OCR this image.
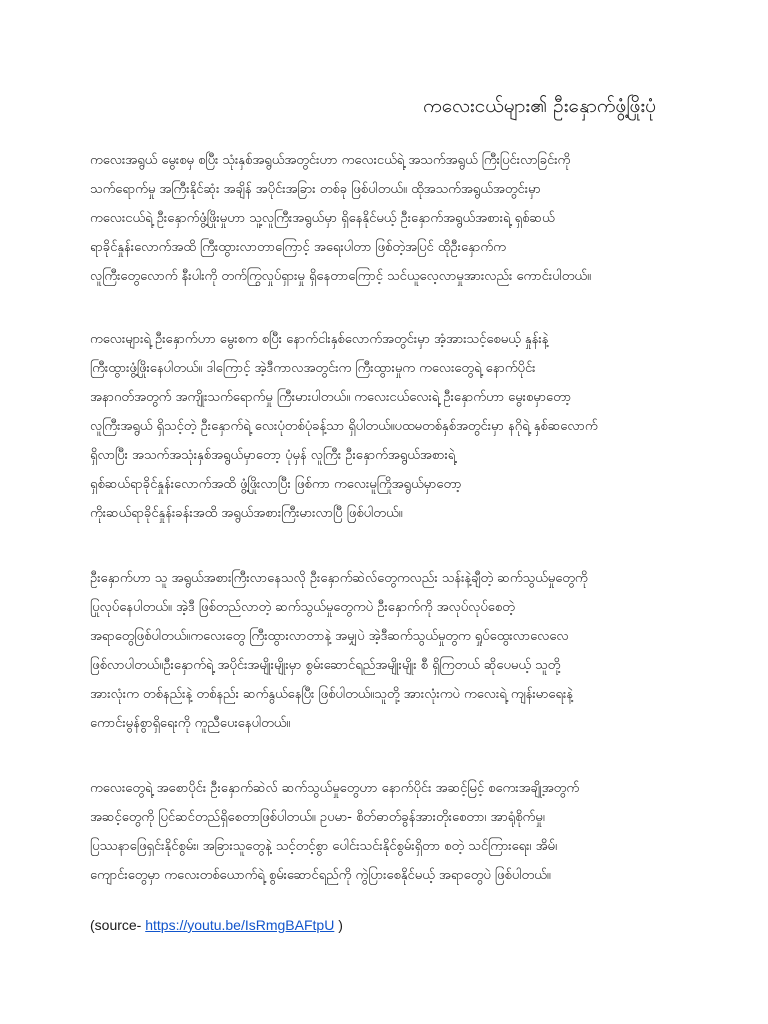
ကလေးငယ်များ၏ ဦးနှောက်ဖွံ့ဖြိုးပုံ
ကလေးအရွယ် မွေးစမှ စပြီး သုံးနှစ်အရွယ်အတွင်းဟာ ကလေးငယ်ရဲ့ အသက်အရွယ် ကြီးပြင်းလာခြင်းကို
သက်ရောက်မှု အကြီးနိုင်ဆုံး အချိန် အပိုင်းအခြား တစ်ခု ဖြစ်ပါတယ်။ ထိုအသက်အရွယ်အတွင်းမှာ
ကလေးငယ်ရဲ့ ဦးနှောက်ဖွံ့ဖြိုးမှုဟာ သူ့လူကြီးအရွယ်မှာ ရှိနေနိုင်မယ့် ဦးနှောက်အရွယ်အစားရဲ့ ရှစ်ဆယ်
ရာခိုင်နှုန်းလောက်အထိ ကြီးထွားလာတာကြောင့် အရေးပါတာ ဖြစ်တဲ့အပြင် ထိုဦးနှောက်က
လူကြီးတွေလောက် နီးပါးကို တက်ကြွလှုပ်ရှားမှု ရှိနေတာကြောင့် သင်ယူလေ့လာမှုအားလည်း ကောင်းပါတယ်။
ကလေးများရဲ့ ဦးနှောက်ဟာ မွေးစက စပြီး နောက်ငါးနှစ်လောက်အတွင်းမှာ အံ့အားသင့်စေမယ့် နှုန်းနဲ့
ကြီးထွားဖွံ့ဖြိုးနေပါတယ်။ ဒါကြောင့် အဲ့ဒီကာလအတွင်းက ကြီးထွားမှုက ကလေးတွေရဲ့ နောက်ပိုင်း
အနာဂတ်အတွက် အကျိုးသက်ရောက်မှု ကြီးမားပါတယ်။ ကလေးငယ်လေးရဲ့ ဦးနှောက်ဟာ မွေးစမှာတော့
လူကြီးအရွယ် ရှိသင့်တဲ့ ဦးနှောက်ရဲ့ လေးပုံတစ်ပုံခန့်သာ ရှိပါတယ်။ပထမတစ်နှစ်အတွင်းမှာ နဂိုရဲ့ နှစ်ဆလောက်
ရှိလာပြီး အသက်အသုံးနှစ်အရွယ်မှာတော့ ပုံမှန် လူကြီး ဦးနှောက်အရွယ်အစားရဲ့
ရှစ်ဆယ်ရာခိုင်နှုန်းလောက်အထိ ဖွံ့ဖြိုးလာပြီး ဖြစ်ကာ ကလေးမူကြိုအရွယ်မှာတော့
ကိုးဆယ်ရာခိုင်နှုန်းခန်းအထိ အရွယ်အစားကြီးမားလာပြီ ဖြစ်ပါတယ်။
ဦးနှောက်ဟာ သူ အရွယ်အစားကြီးလာနေသလို ဦးနှောက်ဆဲလ်တွေကလည်း သန်းနဲ့ချီတဲ့ ဆက်သွယ်မှုတွေကို
ပြုလုပ်နေပါတယ်။ အဲ့ဒီ ဖြစ်တည်လာတဲ့ ဆက်သွယ်မှုတွေကပဲ ဦးနှောက်ကို အလုပ်လုပ်စေတဲ့
အရာတွေဖြစ်ပါတယ်။ကလေးတွေ ကြီးထွားလာတာနဲ့ အမျှပဲ အဲ့ဒီဆက်သွယ်မှုတွက ရှုပ်ထွေးလာလေလေ
ဖြစ်လာပါတယ်။ဦးနှောက်ရဲ့ အပိုင်းအမျိုးမျိုးမှာ စွမ်းဆောင်ရည်အမျိုးမျိုး စီ ရှိကြတယ် ဆိုပေမယ့် သူတို့
အားလုံးက တစ်နည်းနဲ့ တစ်နည်း ဆက်နွယ်နေပြီး ဖြစ်ပါတယ်။သူတို့ အားလုံးကပဲ ကလေးရဲ့ ကျန်းမာရေးနဲ့
ကောင်းမွန်စွာရှိရေးကို ကူညီပေးနေပါတယ်။
ကလေးတွေရဲ့ အစောပိုင်း ဦးနှောက်ဆဲလ် ဆက်သွယ်မှုတွေဟာ နောက်ပိုင်း အဆင့်မြင့် စကေးအချို့အတွက်
အဆင့်တွေကို ပြင်ဆင်တည်ရှိစေတာဖြစ်ပါတယ်။ ဥပမာ- စိတ်ဓာတ်ခွန်အားတိုးစေတာ၊ အာရုံစိုက်မှု၊
ပြဿနာဖြေရှင်းနိုင်စွမ်း၊ အခြားသူတွေနဲ့ သင့်တင့်စွာ ပေါင်းသင်းနိုင်စွမ်းရှိတာ စတဲ့ သင်ကြားရေး၊ အိမ်၊
ကျောင်းတွေမှာ ကလေးတစ်ယောက်ရဲ့ စွမ်းဆောင်ရည်ကို ကွဲပြားစေနိုင်မယ့် အရာတွေပဲ ဖြစ်ပါတယ်။
(source- https://youtu.be/IsRmgBAFtpU )
